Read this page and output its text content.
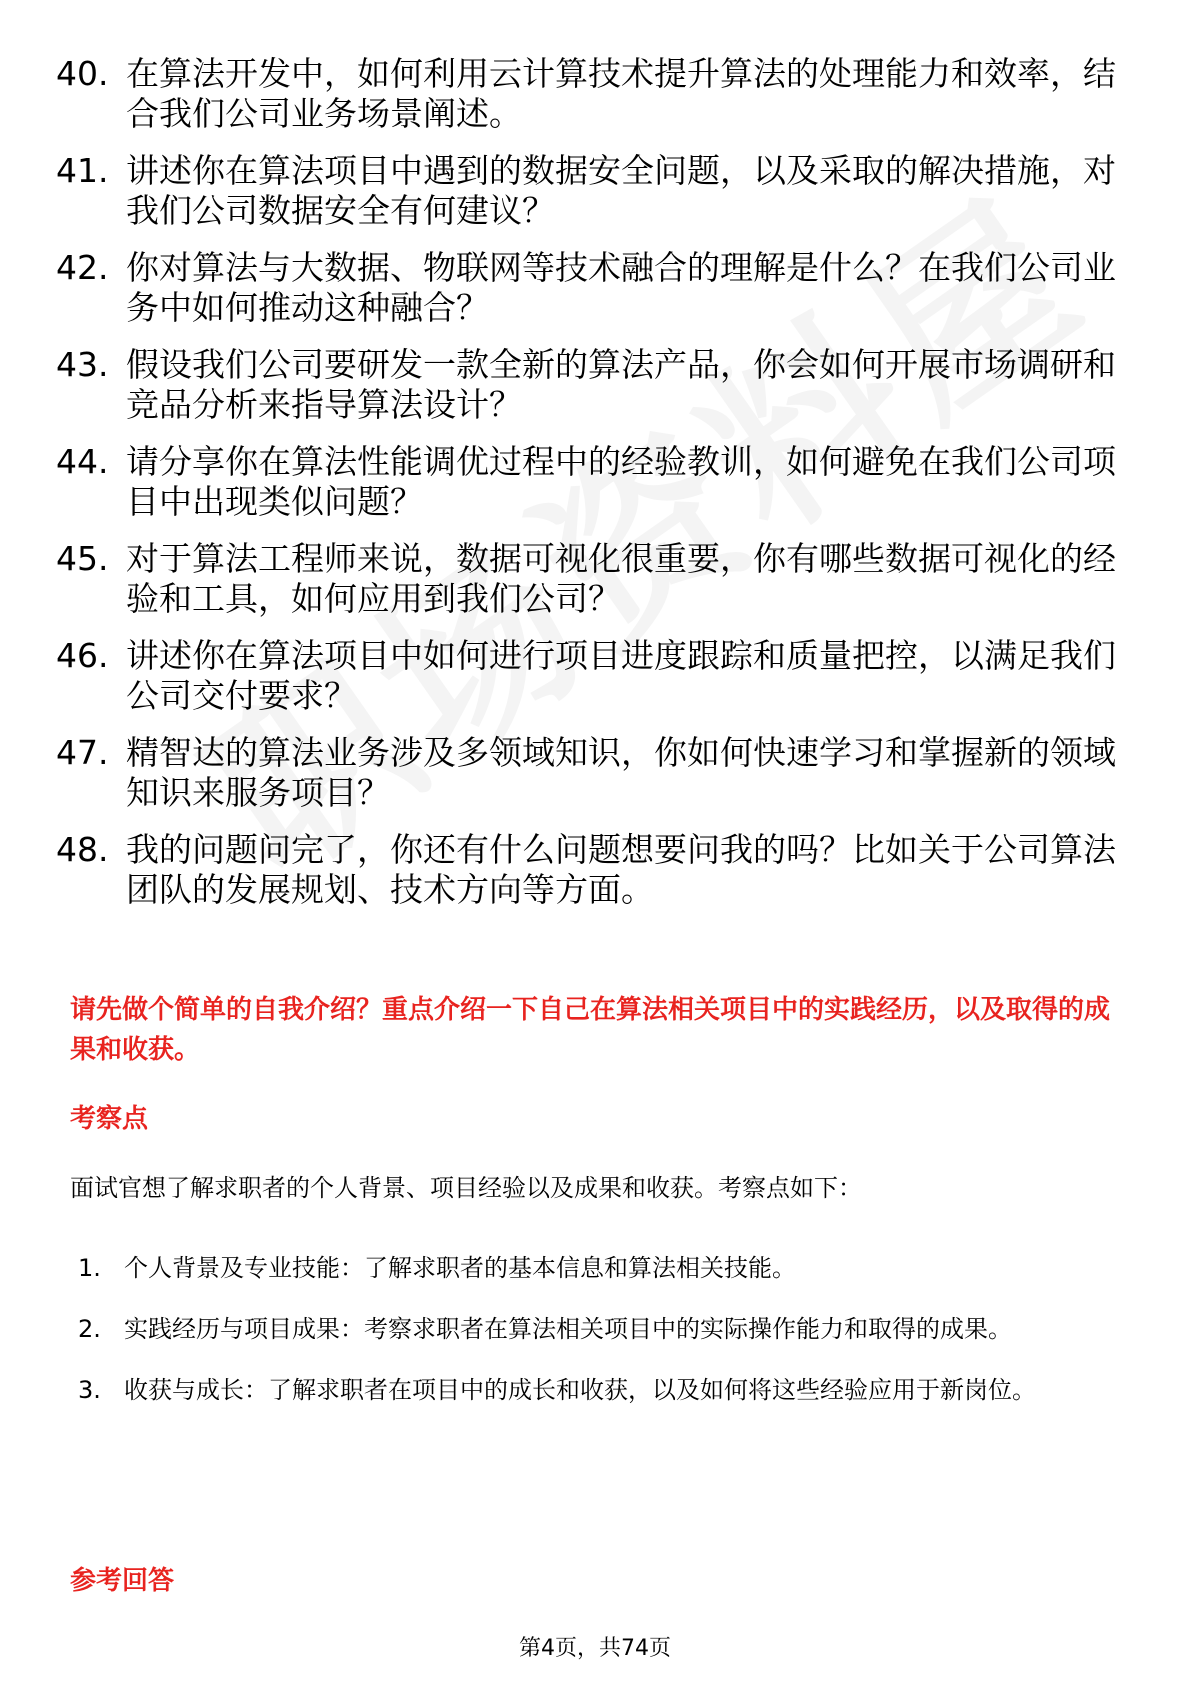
40. 在算法开发中，如何利用云计算技术提升算法的处理能力和效率，结合我们公司业务场景阐述。
41. 讲述你在算法项目中遇到的数据安全问题，以及采取的解决措施，对我们公司数据安全有何建议？
42. 你对算法与大数据、物联网等技术融合的理解是什么？在我们公司业务中如何推动这种融合？
43. 假设我们公司要研发一款全新的算法产品，你会如何开展市场调研和竞品分析来指导算法设计？
44. 请分享你在算法性能调优过程中的经验教训，如何避免在我们公司项目中出现类似问题？
45. 对于算法工程师来说，数据可视化很重要，你有哪些数据可视化的经验和工具，如何应用到我们公司？
46. 讲述你在算法项目中如何进行项目进度跟踪和质量把控，以满足我们公司交付要求？
47. 精智达的算法业务涉及多领域知识，你如何快速学习和掌握新的领域知识来服务项目？
48. 我的问题问完了，你还有什么问题想要问我的吗？比如关于公司算法团队的发展规划、技术方向等方面。
请先做个简单的自我介绍？重点介绍一下自己在算法相关项目中的实践经历，以及取得的成果和收获。
考察点
面试官想了解求职者的个人背景、项目经验以及成果和收获。考察点如下：
1. 个人背景及专业技能：了解求职者的基本信息和算法相关技能。
2. 实践经历与项目成果：考察求职者在算法相关项目中的实际操作能力和取得的成果。
3. 收获与成长：了解求职者在项目中的成长和收获，以及如何将这些经验应用于新岗位。
参考回答
第4页，共74页
